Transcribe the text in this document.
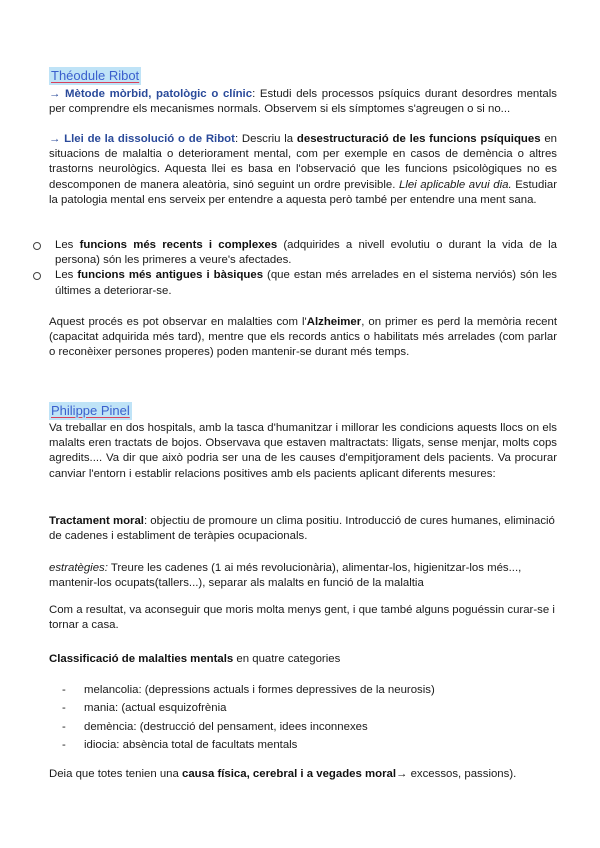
Théodule Ribot

→ Mètode mòrbid, patològic o clínic: Estudi dels processos psíquics durant desordres mentals per comprendre els mecanismes normals. Observem si els símptomes s'agreugen o si no...

→ Llei de la dissolució o de Ribot: Descriu la desestructuració de les funcions psíquiques en situacions de malaltia o deteriorament mental, com per exemple en casos de demència o altres trastorns neurològics. Aquesta llei es basa en l'observació que les funcions psicològiques no es descomponen de manera aleatòria, sinó seguint un ordre previsible. Llei aplicable avui dia. Estudiar la patologia mental ens serveix per entendre a aquesta però també per entendre una ment sana.

Les funcions més recents i complexes (adquirides a nivell evolutiu o durant la vida de la persona) són les primeres a veure's afectades.
Les funcions més antigues i bàsiques (que estan més arrelades en el sistema nerviós) són les últimes a deteriorar-se.

Aquest procés es pot observar en malalties com l'Alzheimer, on primer es perd la memòria recent (capacitat adquirida més tard), mentre que els records antics o habilitats més arrelades (com parlar o reconèixer persones properes) poden mantenir-se durant més temps.

Philippe Pinel

Va treballar en dos hospitals, amb la tasca d'humanitzar i millorar les condicions aquests llocs on els malalts eren tractats de bojos. Observava que estaven maltractats: lligats, sense menjar, molts cops agredits.... Va dir que això podria ser una de les causes d'empitjorament dels pacients. Va procurar canviar l'entorn i establir relacions positives amb els pacients aplicant diferents mesures:

Tractament moral: objectiu de promoure un clima positiu. Introducció de cures humanes, eliminació de cadenes i establiment de teràpies ocupacionals.

estratègies: Treure les cadenes (1 ai més revolucionària), alimentar-los, higienitzar-los més..., mantenir-los ocupats(tallers...), separar als malalts en funció de la malaltia

Com a resultat, va aconseguir que moris molta menys gent, i que també alguns poguéssin curar-se i tornar a casa.

Classificació de malalties mentals en quatre categories

- melancolia: (depressions actuals i formes depressives de la neurosis)
- mania: (actual esquizofrènia
- demència: (destrucció del pensament, idees inconnexes
- idiocia: absència total de facultats mentals

Deia que totes tenien una causa física, cerebral i a vegades moral→ excessos, passions).
